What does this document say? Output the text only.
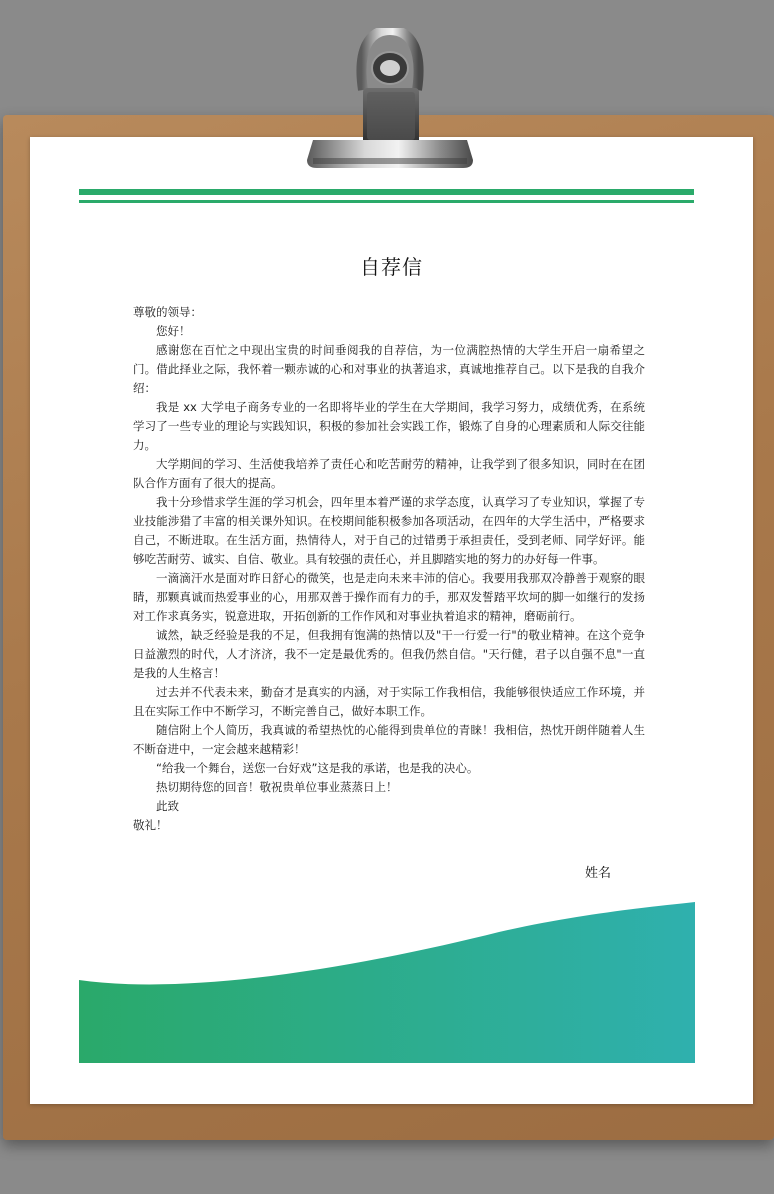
自荐信

尊敬的领导：

您好！

感谢您在百忙之中现出宝贵的时间垂阅我的自荐信，为一位满腔热情的大学生开启一扇希望之门。借此择业之际，我怀着一颗赤诚的心和对事业的执著追求，真诚地推荐自己。以下是我的自我介绍：

我是 xx 大学电子商务专业的一名即将毕业的学生在大学期间，我学习努力，成绩优秀，在系统学习了一些专业的理论与实践知识，积极的参加社会实践工作，锻炼了自身的心理素质和人际交往能力。

大学期间的学习、生活使我培养了责任心和吃苦耐劳的精神，让我学到了很多知识，同时在在团队合作方面有了很大的提高。

我十分珍惜求学生涯的学习机会，四年里本着严谨的求学态度，认真学习了专业知识，掌握了专业技能涉猎了丰富的相关课外知识。在校期间能积极参加各项活动，在四年的大学生活中，严格要求自己，不断进取。在生活方面，热情待人，对于自己的过错勇于承担责任，受到老师、同学好评。能够吃苦耐劳、诚实、自信、敬业。具有较强的责任心，并且脚踏实地的努力的办好每一件事。

一滴滴汗水是面对昨日舒心的微笑，也是走向未来丰沛的信心。我要用我那双冷静善于观察的眼睛，那颗真诚而热爱事业的心，用那双善于操作而有力的手，那双发誓踏平坎坷的脚一如继行的发扬对工作求真务实，锐意进取，开拓创新的工作作风和对事业执着追求的精神，磨砺前行。

诚然，缺乏经验是我的不足，但我拥有饱满的热情以及"干一行爱一行"的敬业精神。在这个竞争日益激烈的时代，人才济济，我不一定是最优秀的。但我仍然自信。"天行健，君子以自强不息"一直是我的人生格言！

过去并不代表未来，勤奋才是真实的内涵，对于实际工作我相信，我能够很快适应工作环境，并且在实际工作中不断学习，不断完善自己，做好本职工作。

随信附上个人简历，我真诚的希望热忱的心能得到贵单位的青睐！我相信，热忱开朗伴随着人生不断奋进中，一定会越来越精彩！

“给我一个舞台，送您一台好戏”这是我的承诺，也是我的决心。

热切期待您的回音！敬祝贵单位事业蒸蒸日上！

此致

敬礼！

姓名
